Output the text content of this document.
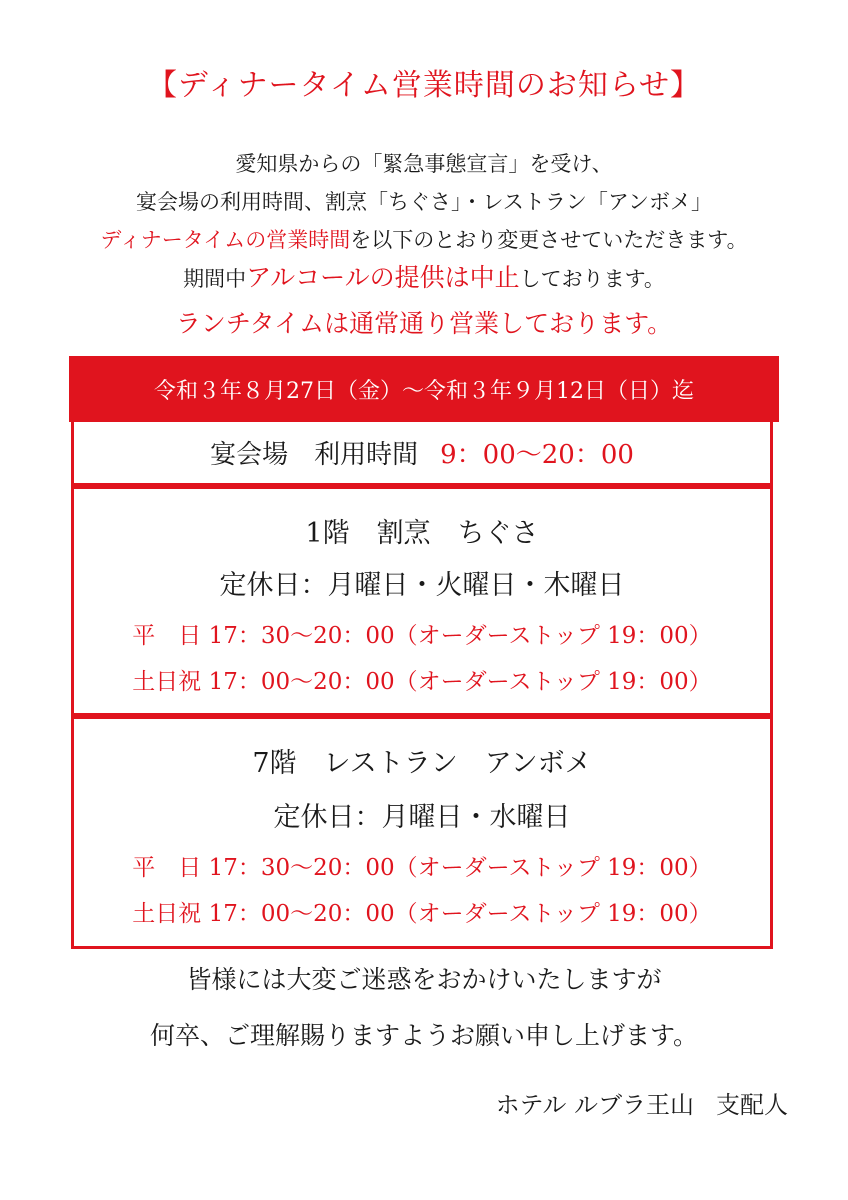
【ディナータイム営業時間のお知らせ】
愛知県からの「緊急事態宣言」を受け、
宴会場の利用時間、割烹「ちぐさ」・レストラン「アンボメ」
ディナータイムの営業時間を以下のとおり変更させていただきます。
期間中アルコールの提供は中止しております。
ランチタイムは通常通り営業しております。
令和３年８月27日（金）～令和３年９月12日（日）迄
宴会場　利用時間 9：00～20：00
1階　割烹　ちぐさ
定休日：月曜日・火曜日・木曜日
平　日 17：30～20：00（オーダーストップ 19：00）
土日祝 17：00～20：00（オーダーストップ 19：00）
7階　レストラン　アンボメ
定休日：月曜日・水曜日
平　日 17：30～20：00（オーダーストップ 19：00）
土日祝 17：00～20：00（オーダーストップ 19：00）
皆様には大変ご迷惑をおかけいたしますが
何卒、ご理解賜りますようお願い申し上げます。
ホテル ルブラ王山 支配人
